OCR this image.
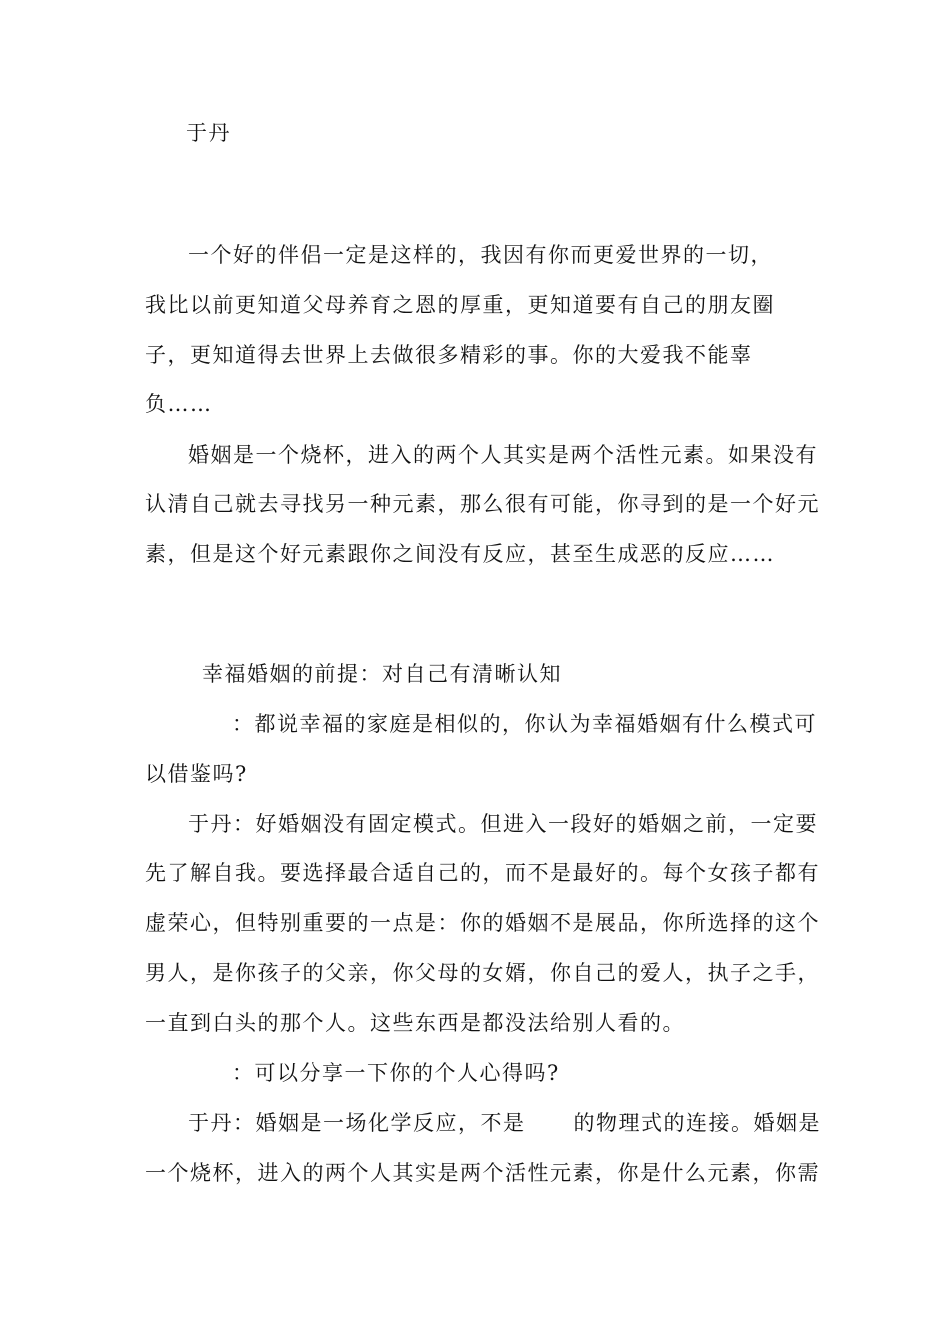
于丹
一个好的伴侣一定是这样的，我因有你而更爱世界的一切，
我比以前更知道父母养育之恩的厚重，更知道要有自己的朋友圈
子，更知道得去世界上去做很多精彩的事。你的大爱我不能辜
负……
婚姻是一个烧杯，进入的两个人其实是两个活性元素。如果没有
认清自己就去寻找另一种元素，那么很有可能，你寻到的是一个好元
素，但是这个好元素跟你之间没有反应，甚至生成恶的反应……
幸福婚姻的前提：对自己有清晰认知
：都说幸福的家庭是相似的，你认为幸福婚姻有什么模式可
以借鉴吗?
于丹：好婚姻没有固定模式。但进入一段好的婚姻之前，一定要
先了解自我。要选择最合适自己的，而不是最好的。每个女孩子都有
虚荣心，但特别重要的一点是：你的婚姻不是展品，你所选择的这个
男人，是你孩子的父亲，你父母的女婿，你自己的爱人，执子之手，
一直到白头的那个人。这些东西是都没法给别人看的。
：可以分享一下你的个人心得吗?
于丹：婚姻是一场化学反应，不是 的物理式的连接。婚姻是
一个烧杯，进入的两个人其实是两个活性元素，你是什么元素，你需
